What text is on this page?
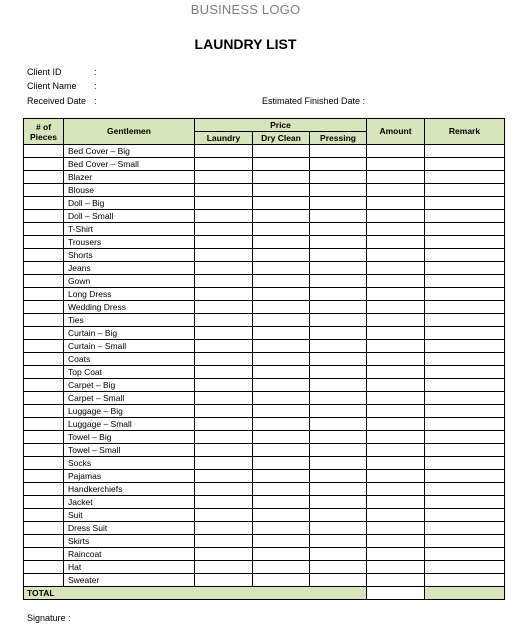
BUSINESS LOGO
LAUNDRY LIST
Client ID	:
Client Name :
Received Date :	Estimated Finished Date :
# of Pieces	Gentlemen	Price			Amount	Remark
		Laundry	Dry Clean	Pressing		
	Bed Cover – Big					
	Bed Cover – Small					
	Blazer					
	Blouse					
	Doll – Big					
	Doll – Small					
	T-Shirt					
	Trousers					
	Shorts					
	Jeans					
	Gown					
	Long Dress					
	Wedding Dress					
	Ties					
	Curtain – Big					
	Curtain – Small					
	Coats					
	Top Coat					
	Carpet – Big					
	Carpet – Small					
	Luggage – Big					
	Luggage – Small					
	Towel – Big					
	Towel – Small					
	Socks					
	Pajamas					
	Handkerchiefs					
	Jacket					
	Suit					
	Dress Suit					
	Skirts					
	Raincoat					
	Hat					
	Sweater					
TOTAL						
Signature :
